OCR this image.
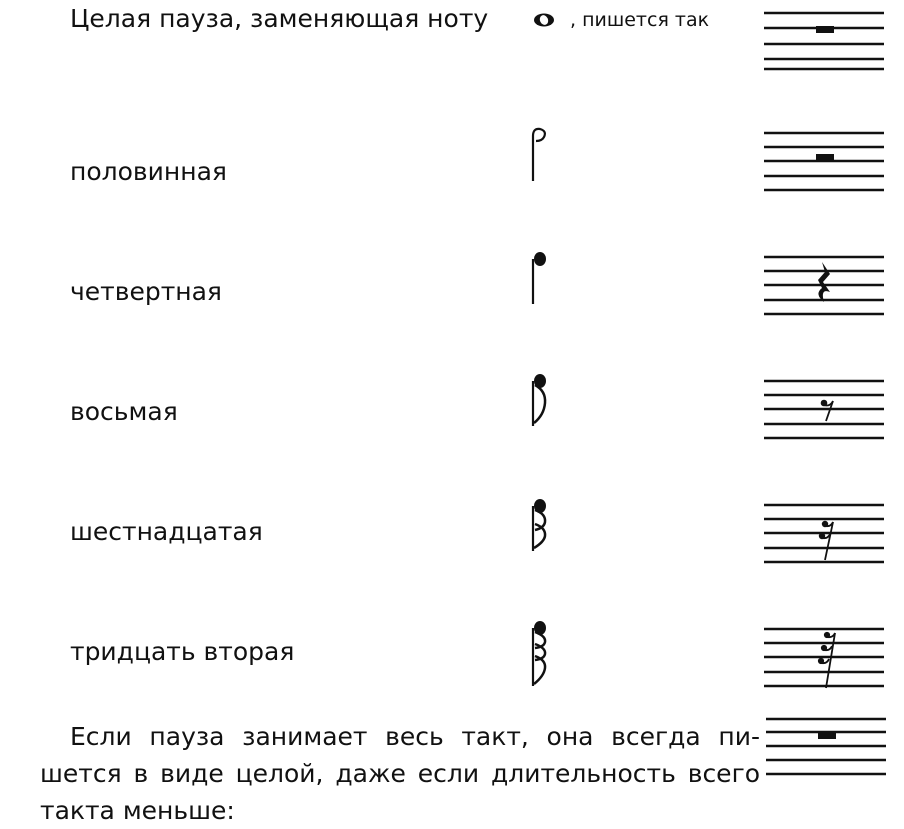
Целая пауза, заменяющая ноту	, пишется так
половинная
четвертная
восьмая
шестнадцатая
тридцать вторая
Если пауза занимает весь такт, она всегда пи-
шется в виде целой, даже если длительность всего
такта меньше:
